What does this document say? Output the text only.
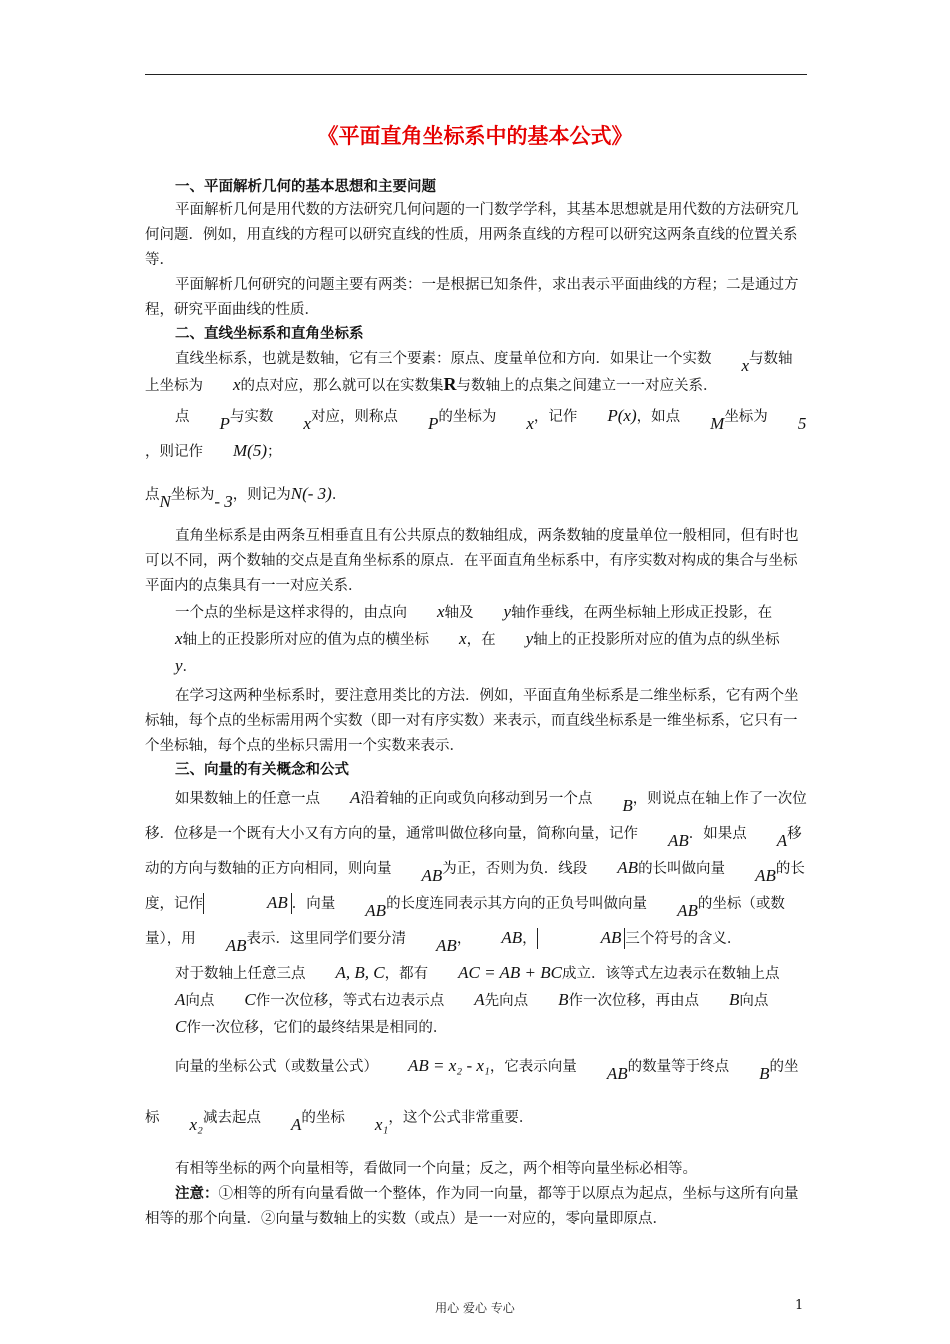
《平面直角坐标系中的基本公式》
一、平面解析几何的基本思想和主要问题

平面解析几何是用代数的方法研究几何问题的一门数学学科，其基本思想就是用代数的方法研究几何问题．例如，用直线的方程可以研究直线的性质，用两条直线的方程可以研究这两条直线的位置关系等．

平面解析几何研究的问题主要有两类：一是根据已知条件，求出表示平面曲线的方程；二是通过方程，研究平面曲线的性质．

二、直线坐标系和直角坐标系

直线坐标系，也就是数轴，它有三个要素：原点、度量单位和方向．如果让一个实数 x与数轴上坐标为 x的点对应，那么就可以在实数集R与数轴上的点集之间建立一一对应关系．

点 P与实数 x对应，则称点 P的坐标为 x，记作 P(x)，如点 M坐标为 5，则记作 M(5)；

点N坐标为- 3，则记为N(- 3)．

直角坐标系是由两条互相垂直且有公共原点的数轴组成，两条数轴的度量单位一般相同，但有时也可以不同，两个数轴的交点是直角坐标系的原点．在平面直角坐标系中，有序实数对构成的集合与坐标平面内的点集具有一一对应关系．

一个点的坐标是这样求得的，由点向 x轴及 y轴作垂线，在两坐标轴上形成正投影，在x轴上的正投影所对应的值为点的横坐标 x，在 y轴上的正投影所对应的值为点的纵坐标y．

在学习这两种坐标系时，要注意用类比的方法．例如，平面直角坐标系是二维坐标系，它有两个坐标轴，每个点的坐标需用两个实数（即一对有序实数）来表示，而直线坐标系是一维坐标系，它只有一个坐标轴，每个点的坐标只需用一个实数来表示．

三、向量的有关概念和公式

如果数轴上的任意一点 A沿着轴的正向或负向移动到另一个点 B，则说点在轴上作了一次位移．位移是一个既有大小又有方向的量，通常叫做位移向量，简称向量，记作 AB．如果点 A移动的方向与数轴的正方向相同，则向量 AB为正，否则为负．线段 AB的长叫做向量 AB的长度，记作	AB ．向量 AB的长度连同表示其方向的正负号叫做向量 AB的坐标（或数量），用 AB表示．这里同学们要分清 AB， AB，	AB 三个符号的含义．

对于数轴上任意三点 A, B, C，都有 AC = AB + BC成立．该等式左边表示在数轴上点A向点 C作一次位移，等式右边表示点 A先向点 B作一次位移，再由点 B向点C作一次位移，它们的最终结果是相同的．

向量的坐标公式（或数量公式） AB = x₂ - x₁，它表示向量 AB的数量等于终点 B的坐标 x₂减去起点 A的坐标 x₁，这个公式非常重要．

有相等坐标的两个向量相等，看做同一个向量；反之，两个相等向量坐标必相等。

注意：①相等的所有向量看做一个整体，作为同一向量，都等于以原点为起点，坐标与这所有向量相等的那个向量．②向量与数轴上的实数（或点）是一一对应的，零向量即原点．

用心 爱心 专心	1
